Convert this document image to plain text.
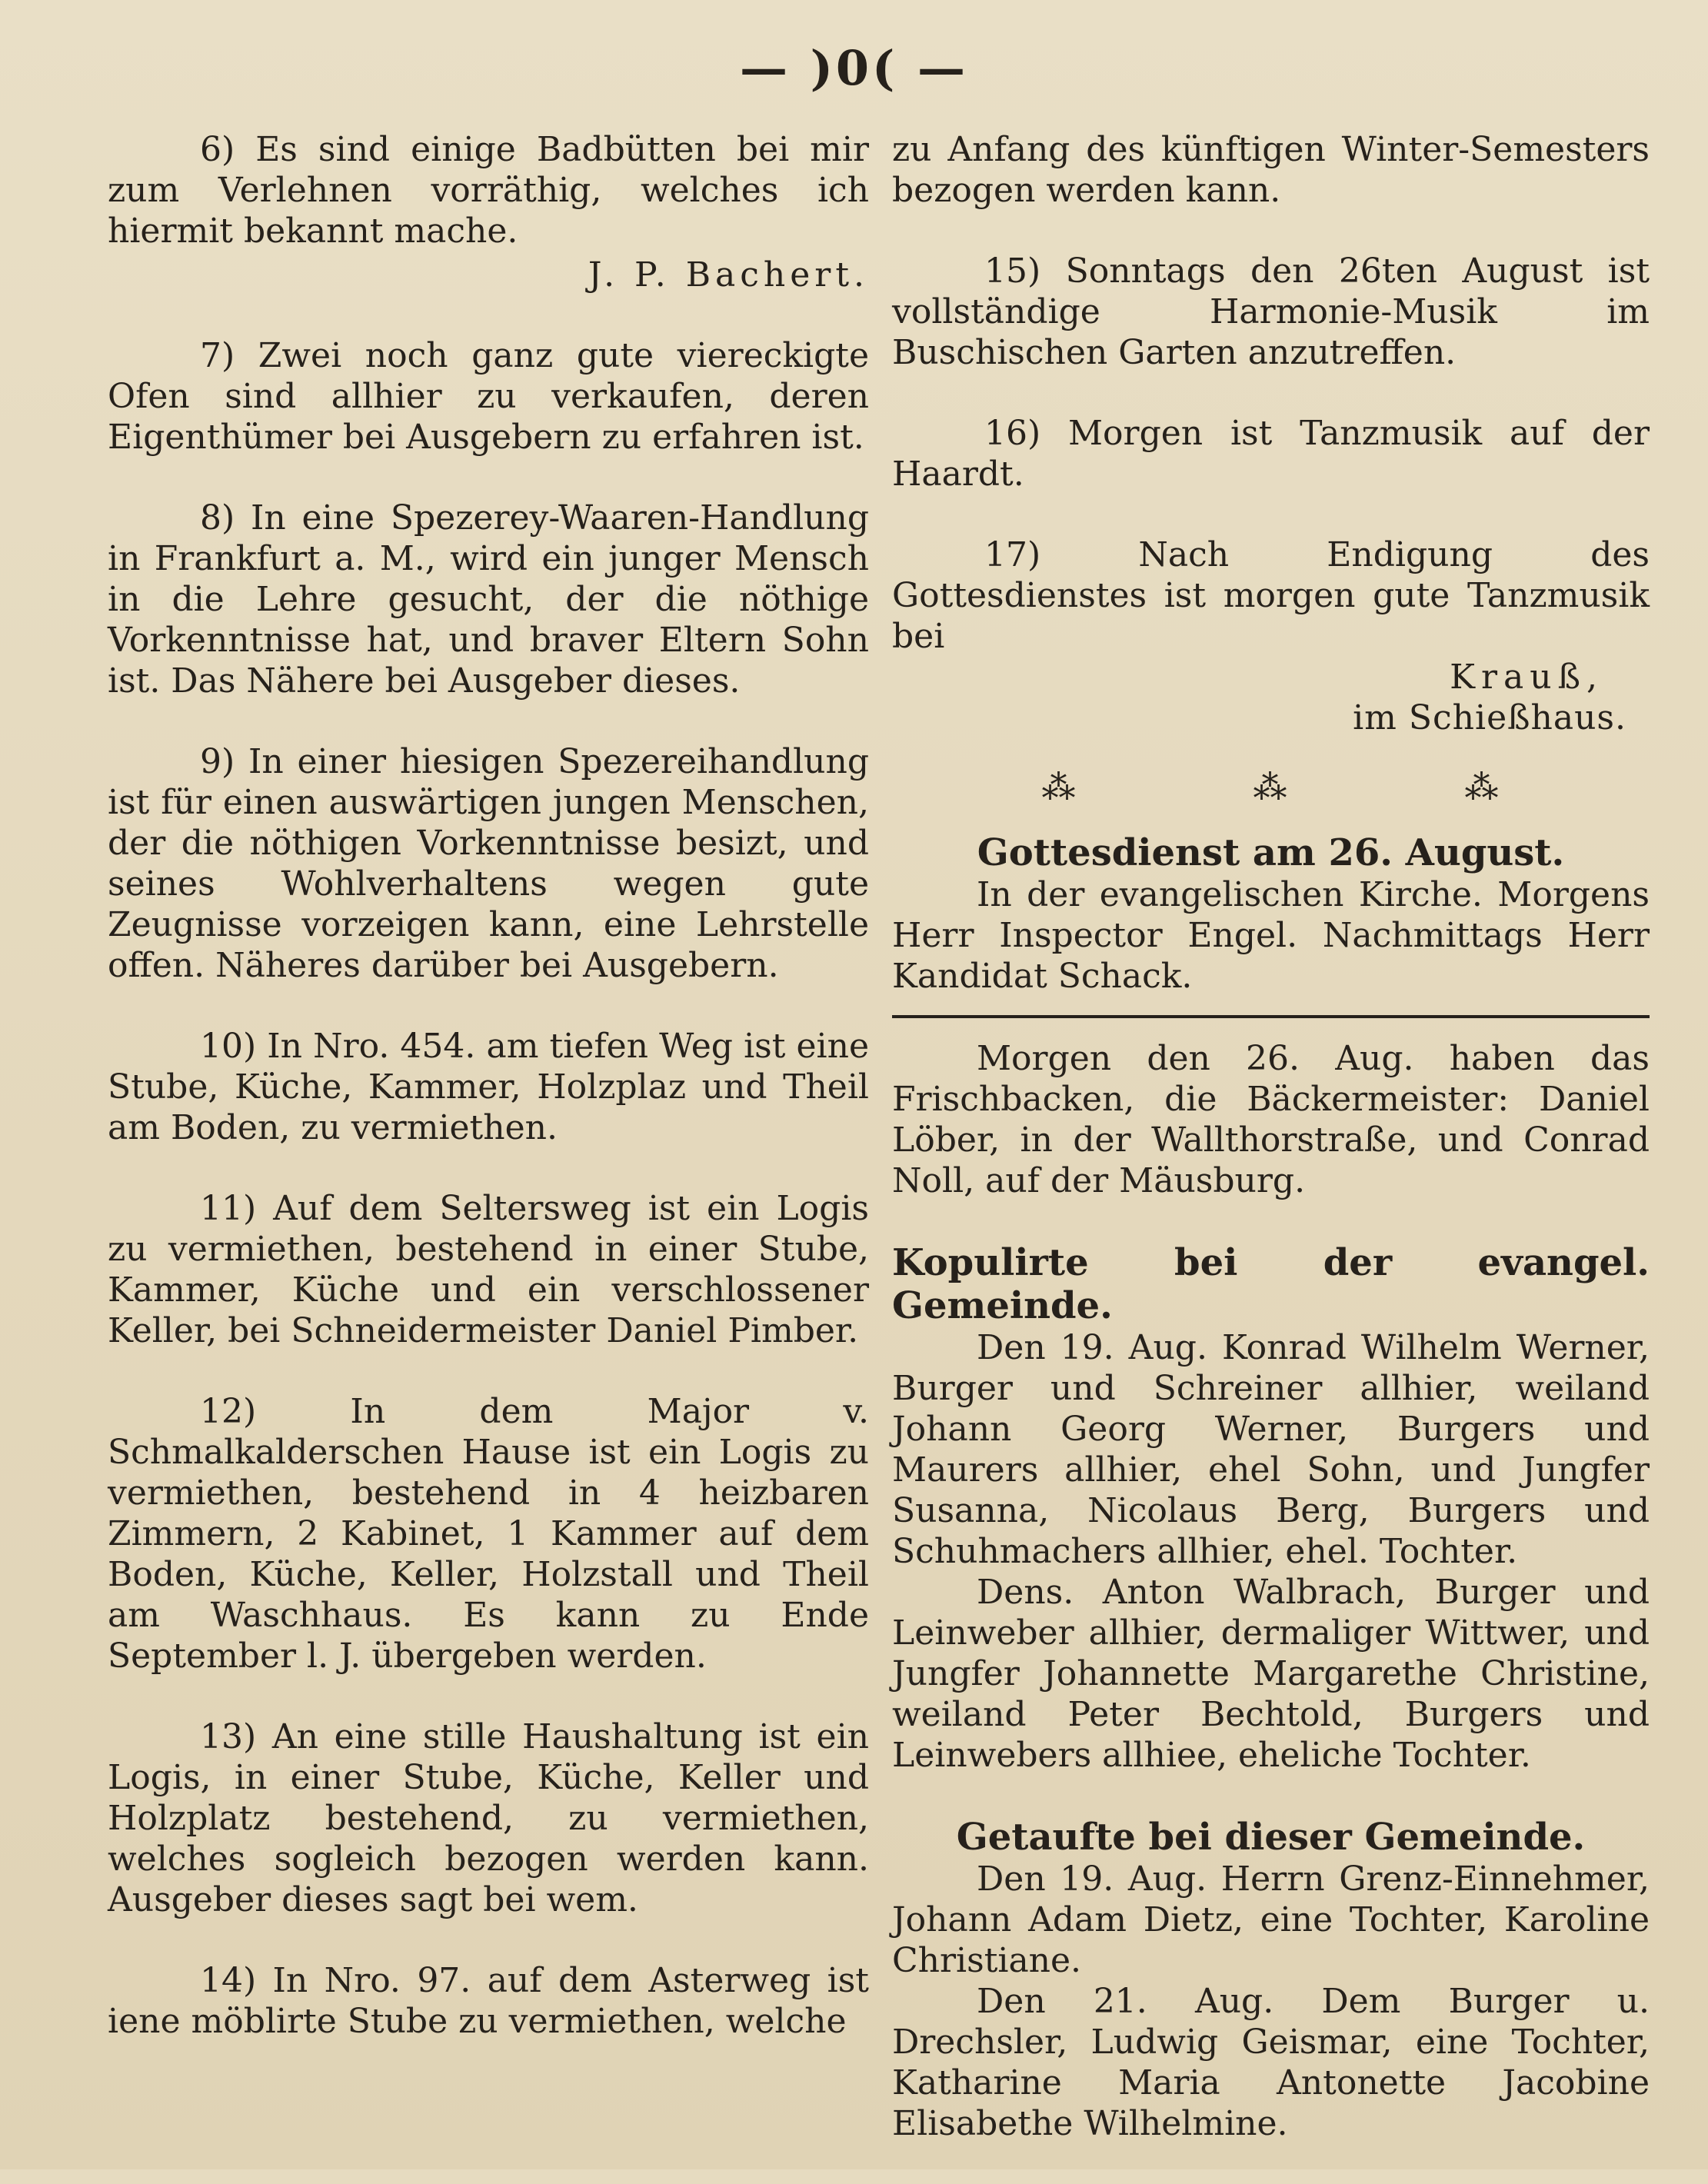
— )0( —
6) Es sind einige Badbütten bei mir zum Verlehnen vorräthig, welches ich hiermit bekannt mache.
J. P. Bachert.
7) Zwei noch ganz gute viereckigte Ofen sind allhier zu verkaufen, deren Eigenthümer bei Ausgebern zu erfahren ist.
8) In eine Spezerey-Waaren-Handlung in Frankfurt a. M., wird ein junger Mensch in die Lehre gesucht, der die nöthige Vorkenntnisse hat, und braver Eltern Sohn ist. Das Nähere bei Ausgeber dieses.
9) In einer hiesigen Spezereihandlung ist für einen auswärtigen jungen Menschen, der die nöthigen Vorkenntnisse besizt, und seines Wohlverhaltens wegen gute Zeugnisse vorzeigen kann, eine Lehrstelle offen. Näheres darüber bei Ausgebern.
10) In Nro. 454. am tiefen Weg ist eine Stube, Küche, Kammer, Holzplaz und Theil am Boden, zu vermiethen.
11) Auf dem Seltersweg ist ein Logis zu vermiethen, bestehend in einer Stube, Kammer, Küche und ein verschlossener Keller, bei Schneidermeister Daniel Pimber.
12) In dem Major v. Schmalkalderschen Hause ist ein Logis zu vermiethen, bestehend in 4 heizbaren Zimmern, 2 Kabinet, 1 Kammer auf dem Boden, Küche, Keller, Holzstall und Theil am Waschhaus. Es kann zu Ende September l. J. übergeben werden.
13) An eine stille Haushaltung ist ein Logis, in einer Stube, Küche, Keller und Holzplatz bestehend, zu vermiethen, welches sogleich bezogen werden kann. Ausgeber dieses sagt bei wem.
14) In Nro. 97. auf dem Asterweg ist iene möblirte Stube zu vermiethen, welche
zu Anfang des künftigen Winter-Semesters bezogen werden kann.
15) Sonntags den 26ten August ist vollständige Harmonie-Musik im Buschischen Garten anzutreffen.
16) Morgen ist Tanzmusik auf der Haardt.
17) Nach Endigung des Gottesdienstes ist morgen gute Tanzmusik bei
Krauß,
im Schießhaus.
⁂	⁂	⁂
Gottesdienst am 26. August.
In der evangelischen Kirche. Morgens Herr Inspector Engel. Nachmittags Herr Kandidat Schack.
Morgen den 26. Aug. haben das Frischbacken, die Bäckermeister: Daniel Löber, in der Wallthorstraße, und Conrad Noll, auf der Mäusburg.
Kopulirte bei der evangel. Gemeinde.
Den 19. Aug. Konrad Wilhelm Werner, Burger und Schreiner allhier, weiland Johann Georg Werner, Burgers und Maurers allhier, ehel Sohn, und Jungfer Susanna, Nicolaus Berg, Burgers und Schuhmachers allhier, ehel. Tochter.
Dens. Anton Walbrach, Burger und Leinweber allhier, dermaliger Wittwer, und Jungfer Johannette Margarethe Christine, weiland Peter Bechtold, Burgers und Leinwebers allhiee, eheliche Tochter.
Getaufte bei dieser Gemeinde.
Den 19. Aug. Herrn Grenz-Einnehmer, Johann Adam Dietz, eine Tochter, Karoline Christiane.
Den 21. Aug. Dem Burger u. Drechsler, Ludwig Geismar, eine Tochter, Katharine Maria Antonette Jacobine Elisabethe Wilhelmine.
